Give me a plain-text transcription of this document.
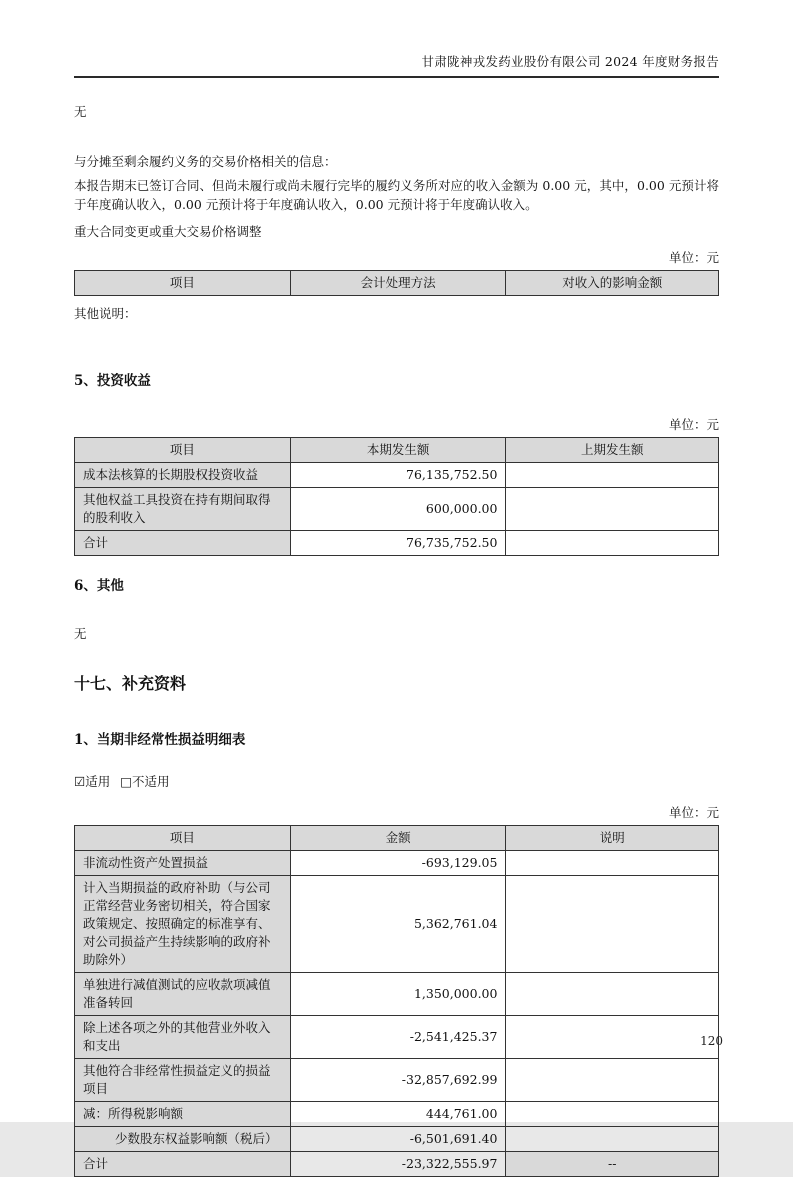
甘肃陇神戎发药业股份有限公司 2024 年度财务报告

无

与分摊至剩余履约义务的交易价格相关的信息：

本报告期末已签订合同、但尚未履行或尚未履行完毕的履约义务所对应的收入金额为 0.00 元，其中，0.00 元预计将于年度确认收入，0.00 元预计将于年度确认收入，0.00 元预计将于年度确认收入。

重大合同变更或重大交易价格调整

单位：元

项目	会计处理方法	对收入的影响金额

其他说明：

5、投资收益

单位：元

项目	本期发生额	上期发生额
成本法核算的长期股权投资收益	76,135,752.50	
其他权益工具投资在持有期间取得的股利收入	600,000.00	
合计	76,735,752.50	
6、其他

无

十七、补充资料
1、当期非经常性损益明细表

☑适用 □不适用

单位：元

项目	金额	说明
非流动性资产处置损益	-693,129.05	
计入当期损益的政府补助（与公司正常经营业务密切相关，符合国家政策规定、按照确定的标准享有、对公司损益产生持续影响的政府补助除外）	5,362,761.04	
单独进行减值测试的应收款项减值准备转回	1,350,000.00	
除上述各项之外的其他营业外收入和支出	-2,541,425.37	
其他符合非经常性损益定义的损益项目	-32,857,692.99	
减：所得税影响额	444,761.00	
少数股东权益影响额（税后）	-6,501,691.40	
合计	-23,322,555.97	--
120
